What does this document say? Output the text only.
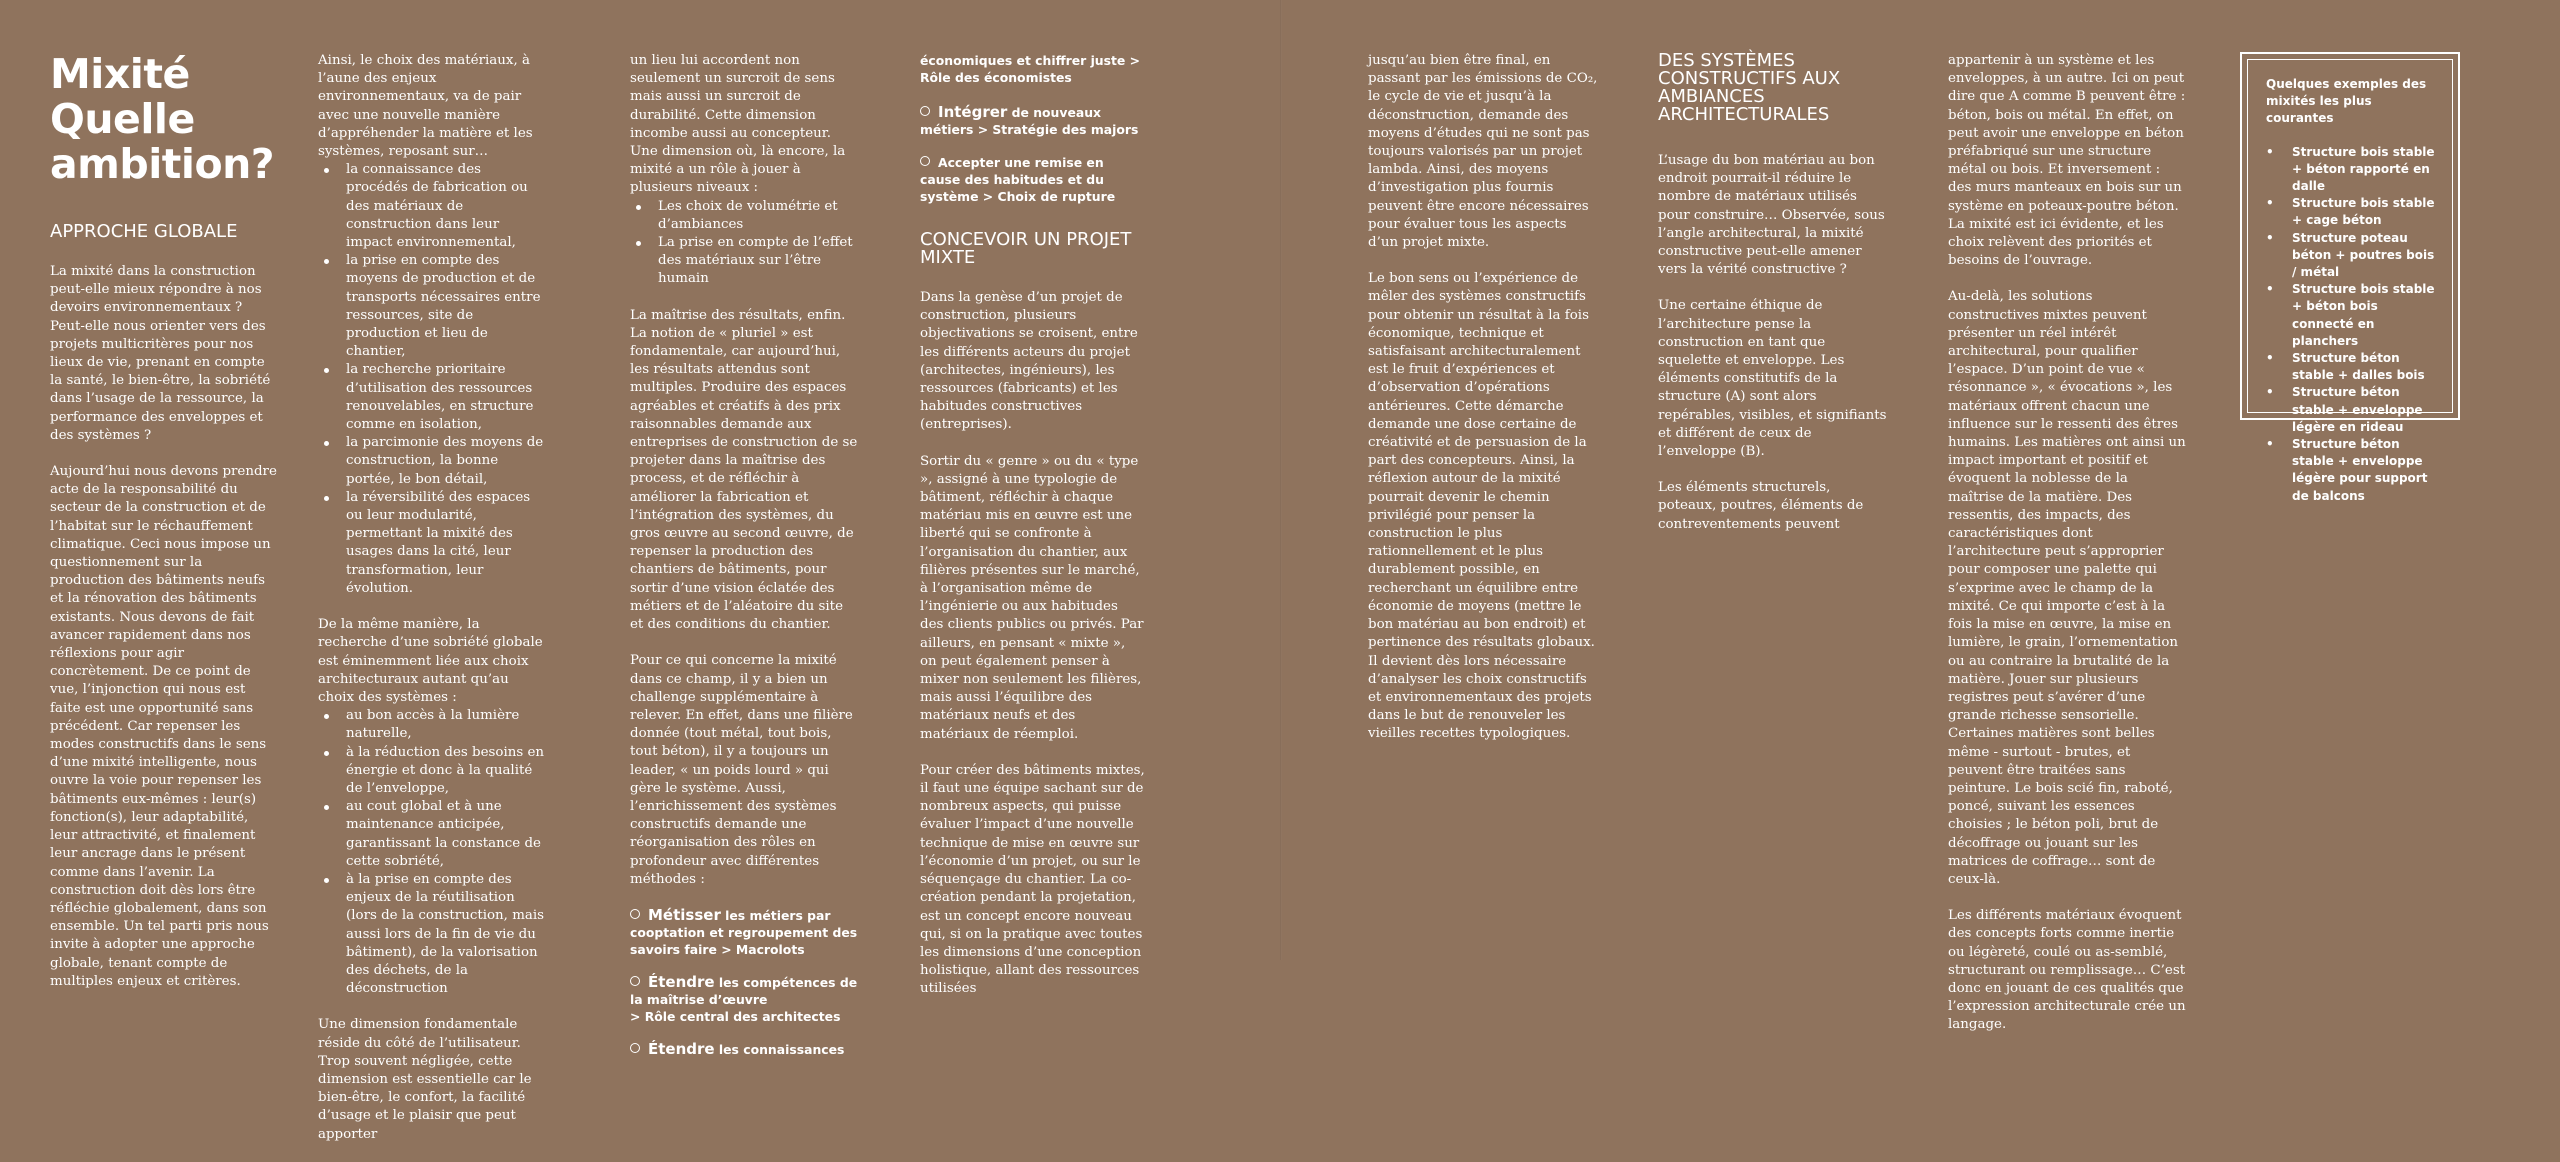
Mixité Quelle ambition?
APPROCHE GLOBALE

La mixité dans la construction peut-elle mieux répondre à nos devoirs environnementaux ? Peut-elle nous orienter vers des projets multicritères pour nos lieux de vie, prenant en compte la santé, le bien-être, la sobriété dans l’usage de la ressource, la performance des enveloppes et des systèmes ?

Aujourd’hui nous devons prendre acte de la responsabilité du secteur de la construction et de l’habitat sur le réchauffement climatique. Ceci nous impose un questionnement sur la production des bâtiments neufs et la rénovation des bâtiments existants. Nous devons de fait avancer rapidement dans nos réflexions pour agir concrètement. De ce point de vue, l’injonction qui nous est faite est une opportunité sans précédent. Car repenser les modes constructifs dans le sens d’une mixité intelligente, nous ouvre la voie pour repenser les bâtiments eux-mêmes : leur(s) fonction(s), leur adaptabilité, leur attractivité, et finalement leur ancrage dans le présent comme dans l’avenir. La construction doit dès lors être réfléchie globalement, dans son ensemble. Un tel parti pris nous invite à adopter une approche globale, tenant compte de multiples enjeux et critères.

Ainsi, le choix des matériaux, à l’aune des enjeux environnementaux, va de pair avec une nouvelle manière d’appréhender la matière et les systèmes, reposant sur…

la connaissance des procédés de fabrication ou des matériaux de construction dans leur impact environnemental,
la prise en compte des moyens de production et de transports nécessaires entre ressources, site de production et lieu de chantier,
la recherche prioritaire d’utilisation des ressources renouvelables, en structure comme en isolation,
la parcimonie des moyens de construction, la bonne portée, le bon détail,
la réversibilité des espaces ou leur modularité, permettant la mixité des usages dans la cité, leur transformation, leur évolution.

De la même manière, la recherche d’une sobriété globale est éminemment liée aux choix architecturaux autant qu’au choix des systèmes :

au bon accès à la lumière naturelle,
à la réduction des besoins en énergie et donc à la qualité de l’enveloppe,
au cout global et à une maintenance anticipée, garantissant la constance de cette sobriété,
à la prise en compte des enjeux de la réutilisation (lors de la construction, mais aussi lors de la fin de vie du bâtiment), de la valorisation des déchets, de la déconstruction

Une dimension fondamentale réside du côté de l’utilisateur. Trop souvent négligée, cette dimension est essentielle car le bien-être, le confort, la facilité d’usage et le plaisir que peut apporter

un lieu lui accordent non seulement un surcroit de sens mais aussi un surcroit de durabilité. Cette dimension incombe aussi au concepteur. Une dimension où, là encore, la mixité a un rôle à jouer à plusieurs niveaux :

Les choix de volumétrie et d’ambiances
La prise en compte de l’effet des matériaux sur l’être humain

La maîtrise des résultats, enfin. La notion de « pluriel » est fondamentale, car aujourd’hui, les résultats attendus sont multiples. Produire des espaces agréables et créatifs à des prix raisonnables demande aux entreprises de construction de se projeter dans la maîtrise des process, et de réfléchir à améliorer la fabrication et l’intégration des systèmes, du gros œuvre au second œuvre, de repenser la production des chantiers de bâtiments, pour sortir d’une vision éclatée des métiers et de l’aléatoire du site et des conditions du chantier.

Pour ce qui concerne la mixité dans ce champ, il y a bien un challenge supplémentaire à relever. En effet, dans une filière donnée (tout métal, tout bois, tout béton), il y a toujours un leader, « un poids lourd » qui gère le système. Aussi, l’enrichissement des systèmes constructifs demande une réorganisation des rôles en profondeur avec différentes méthodes :

Métisser les métiers par cooptation et regroupement des savoirs faire > Macrolots
Étendre les compétences de la maîtrise d’œuvre
> Rôle central des architectes
Étendre les connaissances

économiques et chiffrer juste > Rôle des économistes

Intégrer de nouveaux métiers > Stratégie des majors
Accepter une remise en cause des habitudes et du système > Choix de rupture
CONCEVOIR UN PROJET MIXTE

Dans la genèse d’un projet de construction, plusieurs objectivations se croisent, entre les différents acteurs du projet (architectes, ingénieurs), les ressources (fabricants) et les habitudes constructives (entreprises).

Sortir du « genre » ou du « type », assigné à une typologie de bâtiment, réfléchir à chaque matériau mis en œuvre est une liberté qui se confronte à l’organisation du chantier, aux filières présentes sur le marché, à l’organisation même de l’ingénierie ou aux habitudes des clients publics ou privés. Par ailleurs, en pensant « mixte », on peut également penser à mixer non seulement les filières, mais aussi l’équilibre des matériaux neufs et des matériaux de réemploi.

Pour créer des bâtiments mixtes, il faut une équipe sachant sur de nombreux aspects, qui puisse évaluer l’impact d’une nouvelle technique de mise en œuvre sur l’économie d’un projet, ou sur le séquençage du chantier. La co-création pendant la projetation, est un concept encore nouveau qui, si on la pratique avec toutes les dimensions d’une conception holistique, allant des ressources utilisées

jusqu’au bien être final, en passant par les émissions de CO₂, le cycle de vie et jusqu’à la déconstruction, demande des moyens d’études qui ne sont pas toujours valorisés par un projet lambda. Ainsi, des moyens d’investigation plus fournis peuvent être encore nécessaires pour évaluer tous les aspects d’un projet mixte.

Le bon sens ou l’expérience de mêler des systèmes constructifs pour obtenir un résultat à la fois économique, technique et satisfaisant architecturalement est le fruit d’expériences et d’observation d’opérations antérieures. Cette démarche demande une dose certaine de créativité et de persuasion de la part des concepteurs. Ainsi, la réflexion autour de la mixité pourrait devenir le chemin privilégié pour penser la construction le plus rationnellement et le plus durablement possible, en recherchant un équilibre entre économie de moyens (mettre le bon matériau au bon endroit) et pertinence des résultats globaux. Il devient dès lors nécessaire d’analyser les choix constructifs et environnementaux des projets dans le but de renouveler les vieilles recettes typologiques.

DES SYSTÈMES CONSTRUCTIFS AUX AMBIANCES ARCHITECTURALES

L’usage du bon matériau au bon endroit pourrait-il réduire le nombre de matériaux utilisés pour construire… Observée, sous l’angle architectural, la mixité constructive peut-elle amener vers la vérité constructive ?

Une certaine éthique de l’architecture pense la construction en tant que squelette et enveloppe. Les éléments constitutifs de la structure (A) sont alors repérables, visibles, et signifiants et différent de ceux de l’enveloppe (B).

Les éléments structurels, poteaux, poutres, éléments de contreventements peuvent

appartenir à un système et les enveloppes, à un autre. Ici on peut dire que A comme B peuvent être : béton, bois ou métal. En effet, on peut avoir une enveloppe en béton préfabriqué sur une structure métal ou bois. Et inversement : des murs manteaux en bois sur un système en poteaux-poutre béton. La mixité est ici évidente, et les choix relèvent des priorités et besoins de l’ouvrage.

Au-delà, les solutions constructives mixtes peuvent présenter un réel intérêt architectural, pour qualifier l’espace. D’un point de vue « résonnance », « évocations », les matériaux offrent chacun une influence sur le ressenti des êtres humains. Les matières ont ainsi un impact important et positif et évoquent la noblesse de la maîtrise de la matière. Des ressentis, des impacts, des caractéristiques dont l’architecture peut s’approprier pour composer une palette qui s’exprime avec le champ de la mixité. Ce qui importe c’est à la fois la mise en œuvre, la mise en lumière, le grain, l’ornementation ou au contraire la brutalité de la matière. Jouer sur plusieurs registres peut s’avérer d’une grande richesse sensorielle. Certaines matières sont belles même - surtout - brutes, et peuvent être traitées sans peinture. Le bois scié fin, raboté, poncé, suivant les essences choisies ; le béton poli, brut de décoffrage ou jouant sur les matrices de coffrage… sont de ceux-là.

Les différents matériaux évoquent des concepts forts comme inertie ou légèreté, coulé ou as-semblé, structurant ou remplissage… C’est donc en jouant de ces qualités que l’expression architecturale crée un langage.

Quelques exemples des mixités les plus courantes

• Structure bois stable + béton rapporté en dalle
• Structure bois stable + cage béton
• Structure poteau béton + poutres bois / métal
• Structure bois stable + béton bois connecté en planchers
• Structure béton stable + dalles bois
• Structure béton stable + enveloppe légère en rideau
• Structure béton stable + enveloppe légère pour support de balcons
